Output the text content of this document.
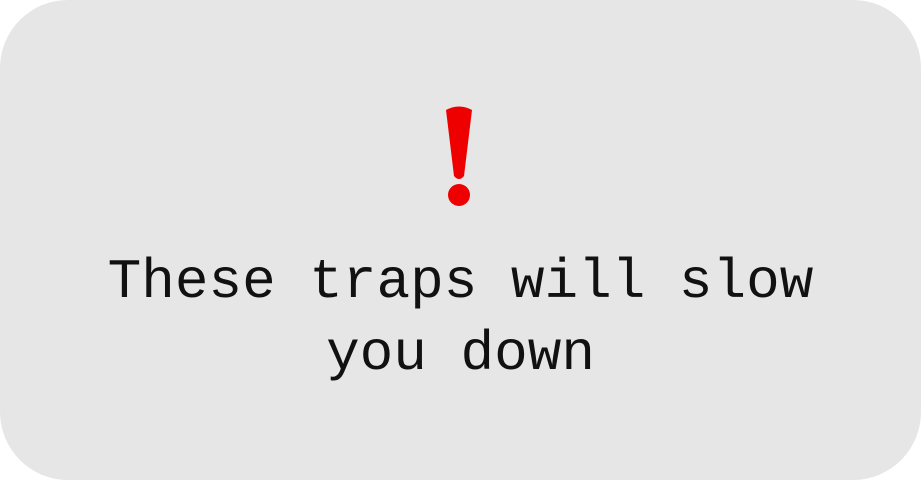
These traps will slow
you down
